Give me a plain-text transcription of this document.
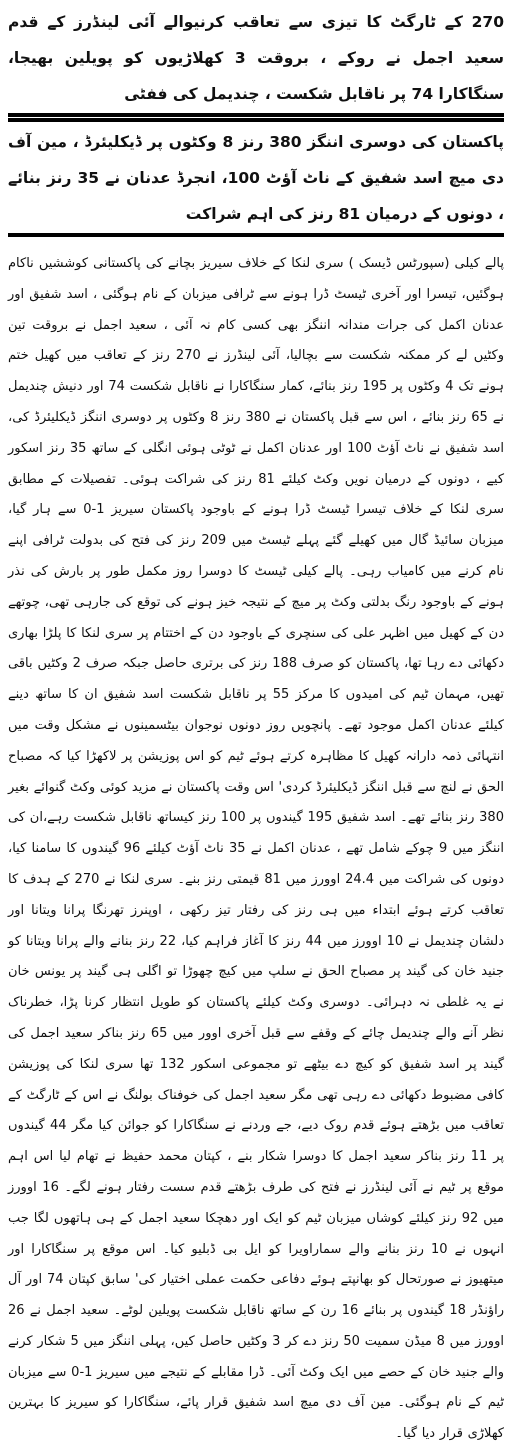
270 کے ٹارگٹ کا تیزی سے تعاقب کرنیوالے آئی لینڈرز کے قدم سعید اجمل نے روکے ، بروقت 3 کھلاڑیوں کو پویلین بھیجا، سنگاکارا 74 پر ناقابل شکست ، چندیمل کی ففٹی
پاکستان کی دوسری اننگز 380 رنز 8 وکٹوں پر ڈیکلیئرڈ ، مین آف دی میچ اسد شفیق کے ناٹ آؤٹ 100، انجرڈ عدنان نے 35 رنز بنائے ، دونوں کے درمیان 81 رنز کی اہم شراکت

پالے کیلی (سپورٹس ڈیسک ) سری لنکا کے خلاف سیریز بچانے کی پاکستانی کوششیں ناکام ہوگئیں، تیسرا اور آخری ٹیسٹ ڈرا ہونے سے ٹرافی میزبان کے نام ہوگئی ، اسد شفیق اور عدنان اکمل کی جرات مندانہ اننگز بھی کسی کام نہ آئی ، سعید اجمل نے بروقت تین وکٹیں لے کر ممکنہ شکست سے بچالیا، آئی لینڈرز نے 270 رنز کے تعاقب میں کھیل ختم ہونے تک 4 وکٹوں پر 195 رنز بنائے، کمار سنگاکارا نے ناقابل شکست 74 اور دنیش چندیمل نے 65 رنز بنائے ، اس سے قبل پاکستان نے 380 رنز 8 وکٹوں پر دوسری اننگز ڈیکلیئرڈ کی، اسد شفیق نے ناٹ آؤٹ 100 اور عدنان اکمل نے ٹوٹی ہوئی انگلی کے ساتھ 35 رنز اسکور کیے ، دونوں کے درمیان نویں وکٹ کیلئے 81 رنز کی شراکت ہوئی۔ تفصیلات کے مطابق سری لنکا کے خلاف تیسرا ٹیسٹ ڈرا ہونے کے باوجود پاکستان سیریز 1-0 سے ہار گیا، میزبان سائیڈ گال میں کھیلے گئے پہلے ٹیسٹ میں 209 رنز کی فتح کی بدولت ٹرافی اپنے نام کرنے میں کامیاب رہی۔ پالے کیلی ٹیسٹ کا دوسرا روز مکمل طور پر بارش کی نذر ہونے کے باوجود رنگ بدلتی وکٹ پر میچ کے نتیجہ خیز ہونے کی توقع کی جارہی تھی، چوتھے دن کے کھیل میں اظہر علی کی سنچری کے باوجود دن کے اختتام پر سری لنکا کا پلڑا بھاری دکھائی دے رہا تھا، پاکستان کو صرف 188 رنز کی برتری حاصل جبکہ صرف 2 وکٹیں باقی تھیں، مہمان ٹیم کی امیدوں کا مرکز 55 پر ناقابل شکست اسد شفیق ان کا ساتھ دینے کیلئے عدنان اکمل موجود تھے۔ پانچویں روز دونوں نوجوان بیٹسمینوں نے مشکل وقت میں انتہائی ذمہ دارانہ کھیل کا مظاہرہ کرتے ہوئے ٹیم کو اس پوزیشن پر لاکھڑا کیا کہ مصباح الحق نے لنچ سے قبل اننگز ڈیکلیئرڈ کردی' اس وقت پاکستان نے مزید کوئی وکٹ گنوائے بغیر 380 رنز بنائے تھے۔ اسد شفیق 195 گیندوں پر 100 رنز کیساتھ ناقابل شکست رہے،ان کی اننگز میں 9 چوکے شامل تھے ، عدنان اکمل نے 35 ناٹ آؤٹ کیلئے 96 گیندوں کا سامنا کیا، دونوں کی شراکت میں 24.4 اوورز میں 81 قیمتی رنز بنے۔ سری لنکا نے 270 کے ہدف کا تعاقب کرتے ہوئے ابتداء میں ہی رنز کی رفتار تیز رکھی ، اوپنرز تھرنگا پرانا ویتانا اور دلشان چندیمل نے 10 اوورز میں 44 رنز کا آغاز فراہم کیا، 22 رنز بنانے والے پرانا ویتانا کو جنید خان کی گیند پر مصباح الحق نے سلپ میں کیچ چھوڑا تو اگلی ہی گیند پر یونس خان نے یہ غلطی نہ دہرائی۔ دوسری وکٹ کیلئے پاکستان کو طویل انتظار کرنا پڑا، خطرناک نظر آنے والے چندیمل چائے کے وقفے سے قبل آخری اوور میں 65 رنز بناکر سعید اجمل کی گیند پر اسد شفیق کو کیچ دے بیٹھے تو مجموعی اسکور 132 تھا سری لنکا کی پوزیشن کافی مضبوط دکھائی دے رہی تھی مگر سعید اجمل کی خوفناک بولنگ نے اس کے ٹارگٹ کے تعاقب میں بڑھتے ہوئے قدم روک دیے، جے وردنے نے سنگاکارا کو جوائن کیا مگر 44 گیندوں پر 11 رنز بناکر سعید اجمل کا دوسرا شکار بنے ، کپتان محمد حفیظ نے تھام لیا اس اہم موقع پر ٹیم نے آئی لینڈرز نے فتح کی طرف بڑھتے قدم سست رفتار ہونے لگے۔ 16 اوورز میں 92 رنز کیلئے کوشاں میزبان ٹیم کو ایک اور دھچکا سعید اجمل کے ہی ہاتھوں لگا جب انہوں نے 10 رنز بنانے والے سماراویرا کو ایل بی ڈبلیو کیا۔ اس موقع پر سنگاکارا اور میتھیوز نے صورتحال کو بھانپتے ہوئے دفاعی حکمت عملی اختیار کی' سابق کپتان 74 اور آل راؤنڈر 18 گیندوں پر بنائے 16 رن کے ساتھ ناقابل شکست پویلین لوٹے۔ سعید اجمل نے 26 اوورز میں 8 میڈن سمیت 50 رنز دے کر 3 وکٹیں حاصل کیں، پہلی اننگز میں 5 شکار کرنے والے جنید خان کے حصے میں ایک وکٹ آئی۔ ڈرا مقابلے کے نتیجے میں سیریز 1-0 سے میزبان ٹیم کے نام ہوگئی۔ مین آف دی میچ اسد شفیق قرار پائے، سنگاکارا کو سیریز کا بہترین کھلاڑی قرار دیا گیا۔
